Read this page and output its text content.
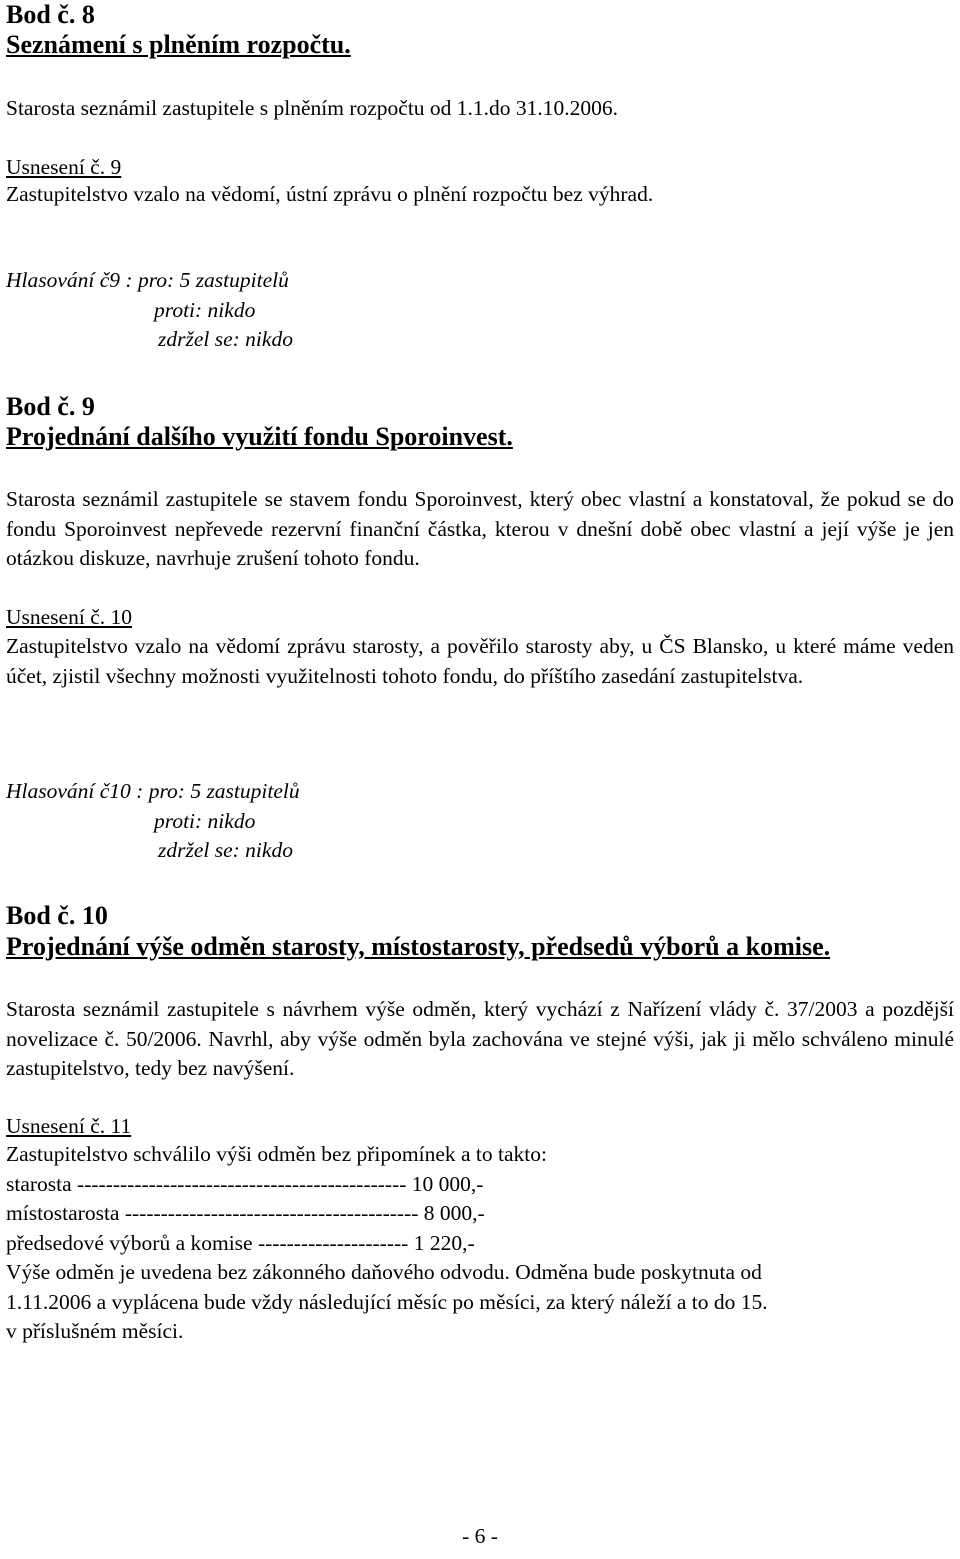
Bod č. 8
Seznámení s plněním rozpočtu.
Starosta seznámil zastupitele s plněním rozpočtu od 1.1.do 31.10.2006.
Usnesení č. 9
Zastupitelstvo vzalo na vědomí, ústní zprávu o plnění rozpočtu bez výhrad.
Hlasování č9 : pro: 5 zastupitelů
proti: nikdo
zdržel se: nikdo
Bod č. 9
Projednání dalšího využití fondu Sporoinvest.
Starosta seznámil zastupitele se stavem fondu Sporoinvest, který obec vlastní a konstatoval, že pokud se do fondu Sporoinvest nepřevede rezervní finanční částka, kterou v dnešní době obec vlastní a její výše je jen otázkou diskuze, navrhuje zrušení tohoto fondu.
Usnesení č. 10
Zastupitelstvo vzalo na vědomí zprávu starosty, a pověřilo starosty aby, u ČS Blansko, u které máme veden účet, zjistil všechny možnosti využitelnosti tohoto fondu, do příštího zasedání zastupitelstva.
Hlasování č10 : pro: 5 zastupitelů
proti: nikdo
zdržel se: nikdo
Bod č. 10
Projednání výše odměn starosty, místostarosty, předsedů výborů a komise.
Starosta seznámil zastupitele s návrhem výše odměn, který vychází z Nařízení vlády č. 37/2003 a pozdější novelizace č. 50/2006. Navrhl, aby výše odměn byla zachována ve stejné výši, jak ji mělo schváleno minulé zastupitelstvo, tedy bez navýšení.
Usnesení č. 11
Zastupitelstvo schválilo výši odměn bez připomínek a to takto:
starosta ---------------------------------------------- 10 000,-
místostarosta ----------------------------------------- 8 000,-
předsedové výborů a komise --------------------- 1 220,-
Výše odměn je uvedena bez zákonného daňového odvodu. Odměna bude poskytnuta od
1.11.2006 a vyplácena bude vždy následující měsíc po měsíci, za který náleží a to do 15.
v příslušném měsíci.
- 6 -
